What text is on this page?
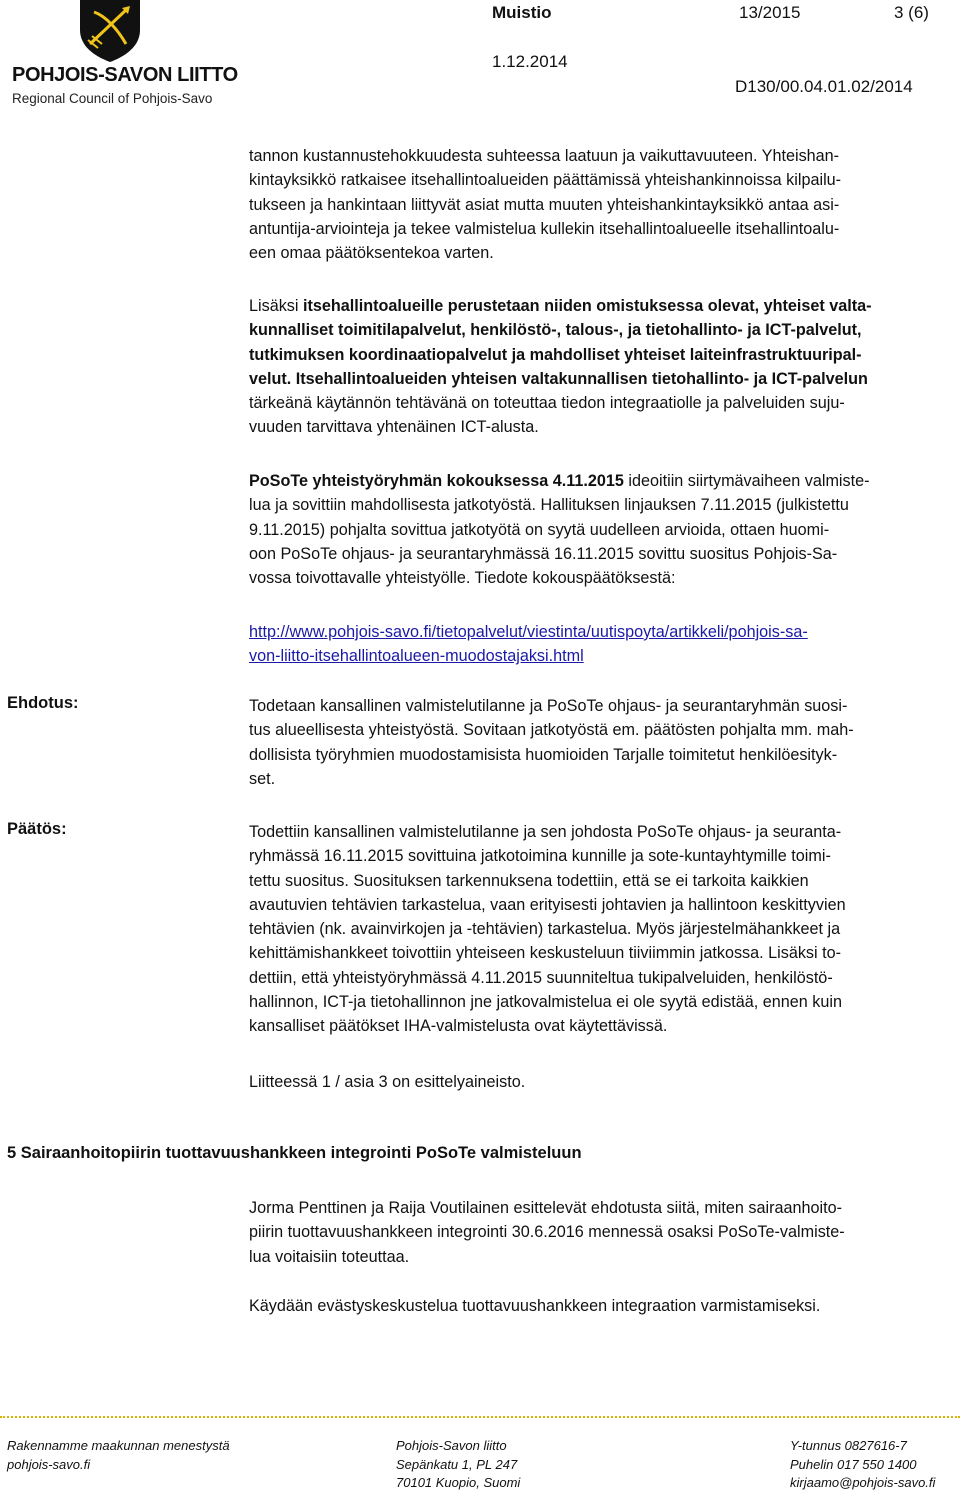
POHJOIS-SAVON LIITTO
Regional Council of Pohjois-Savo
Muistio	13/2015	3 (6)
1.12.2014
D130/00.04.01.02/2014
tannon kustannustehokkuudesta suhteessa laatuun ja vaikuttavuuteen. Yhteishan-
kintayksikkö ratkaisee itsehallintoalueiden päättämissä yhteishankinnoissa kilpailu-
tukseen ja hankintaan liittyvät asiat mutta muuten yhteishankintayksikkö antaa asi-
antuntija-arviointeja ja tekee valmistelua kullekin itsehallintoalueelle itsehallintoalu-
een omaa päätöksentekoa varten.
Lisäksi itsehallintoalueille perustetaan niiden omistuksessa olevat, yhteiset valta-
kunnalliset toimitilapalvelut, henkilöstö-, talous-, ja tietohallinto- ja ICT-palvelut,
tutkimuksen koordinaatiopalvelut ja mahdolliset yhteiset laiteinfrastruktuuripal-
velut. Itsehallintoalueiden yhteisen valtakunnallisen tietohallinto- ja ICT-palvelun
tärkeänä käytännön tehtävänä on toteuttaa tiedon integraatiolle ja palveluiden suju-
vuuden tarvittava yhtenäinen ICT-alusta.
PoSoTe yhteistyöryhmän kokouksessa 4.11.2015 ideoitiin siirtymävaiheen valmiste-
lua ja sovittiin mahdollisesta jatkotyöstä. Hallituksen linjauksen 7.11.2015 (julkistettu
9.11.2015) pohjalta sovittua jatkotyötä on syytä uudelleen arvioida, ottaen huomi-
oon PoSoTe ohjaus- ja seurantaryhmässä 16.11.2015 sovittu suositus Pohjois-Sa-
vossa toivottavalle yhteistyölle. Tiedote kokouspäätöksestä:
http://www.pohjois-savo.fi/tietopalvelut/viestinta/uutispoyta/artikkeli/pohjois-sa-
von-liitto-itsehallintoalueen-muodostajaksi.html
Ehdotus:	Todetaan kansallinen valmistelutilanne ja PoSoTe ohjaus- ja seurantaryhmän suosi-
tus alueellisesta yhteistyöstä. Sovitaan jatkotyöstä em. päätösten pohjalta mm. mah-
dollisista työryhmien muodostamisista huomioiden Tarjalle toimitetut henkilöesityk-
set.
Päätös:	Todettiin kansallinen valmistelutilanne ja sen johdosta PoSoTe ohjaus- ja seuranta-
ryhmässä 16.11.2015 sovittuina jatkotoimina kunnille ja sote-kuntayhtymille toimi-
tettu suositus. Suosituksen tarkennuksena todettiin, että se ei tarkoita kaikkien
avautuvien tehtävien tarkastelua, vaan erityisesti johtavien ja hallintoon keskittyvien
tehtävien (nk. avainvirkojen ja -tehtävien) tarkastelua. Myös järjestelmähankkeet ja
kehittämishankkeet toivottiin yhteiseen keskusteluun tiiviimmin jatkossa. Lisäksi to-
dettiin, että yhteistyöryhmässä 4.11.2015 suunniteltua tukipalveluiden, henkilöstö-
hallinnon, ICT-ja tietohallinnon jne jatkovalmistelua ei ole syytä edistää, ennen kuin
kansalliset päätökset IHA-valmistelusta ovat käytettävissä.
Liitteessä 1 / asia 3 on esittelyaineisto.
5 Sairaanhoitopiirin tuottavuushankkeen integrointi PoSoTe valmisteluun
Jorma Penttinen ja Raija Voutilainen esittelevät ehdotusta siitä, miten sairaanhoito-
piirin tuottavuushankkeen integrointi 30.6.2016 mennessä osaksi PoSoTe-valmiste-
lua voitaisiin toteuttaa.
Käydään evästyskeskustelua tuottavuushankkeen integraation varmistamiseksi.
Rakennamme maakunnan menestystä
pohjois-savo.fi
Pohjois-Savon liitto
Sepänkatu 1, PL 247
70101 Kuopio, Suomi
Y-tunnus 0827616-7
Puhelin 017 550 1400
kirjaamo@pohjois-savo.fi
